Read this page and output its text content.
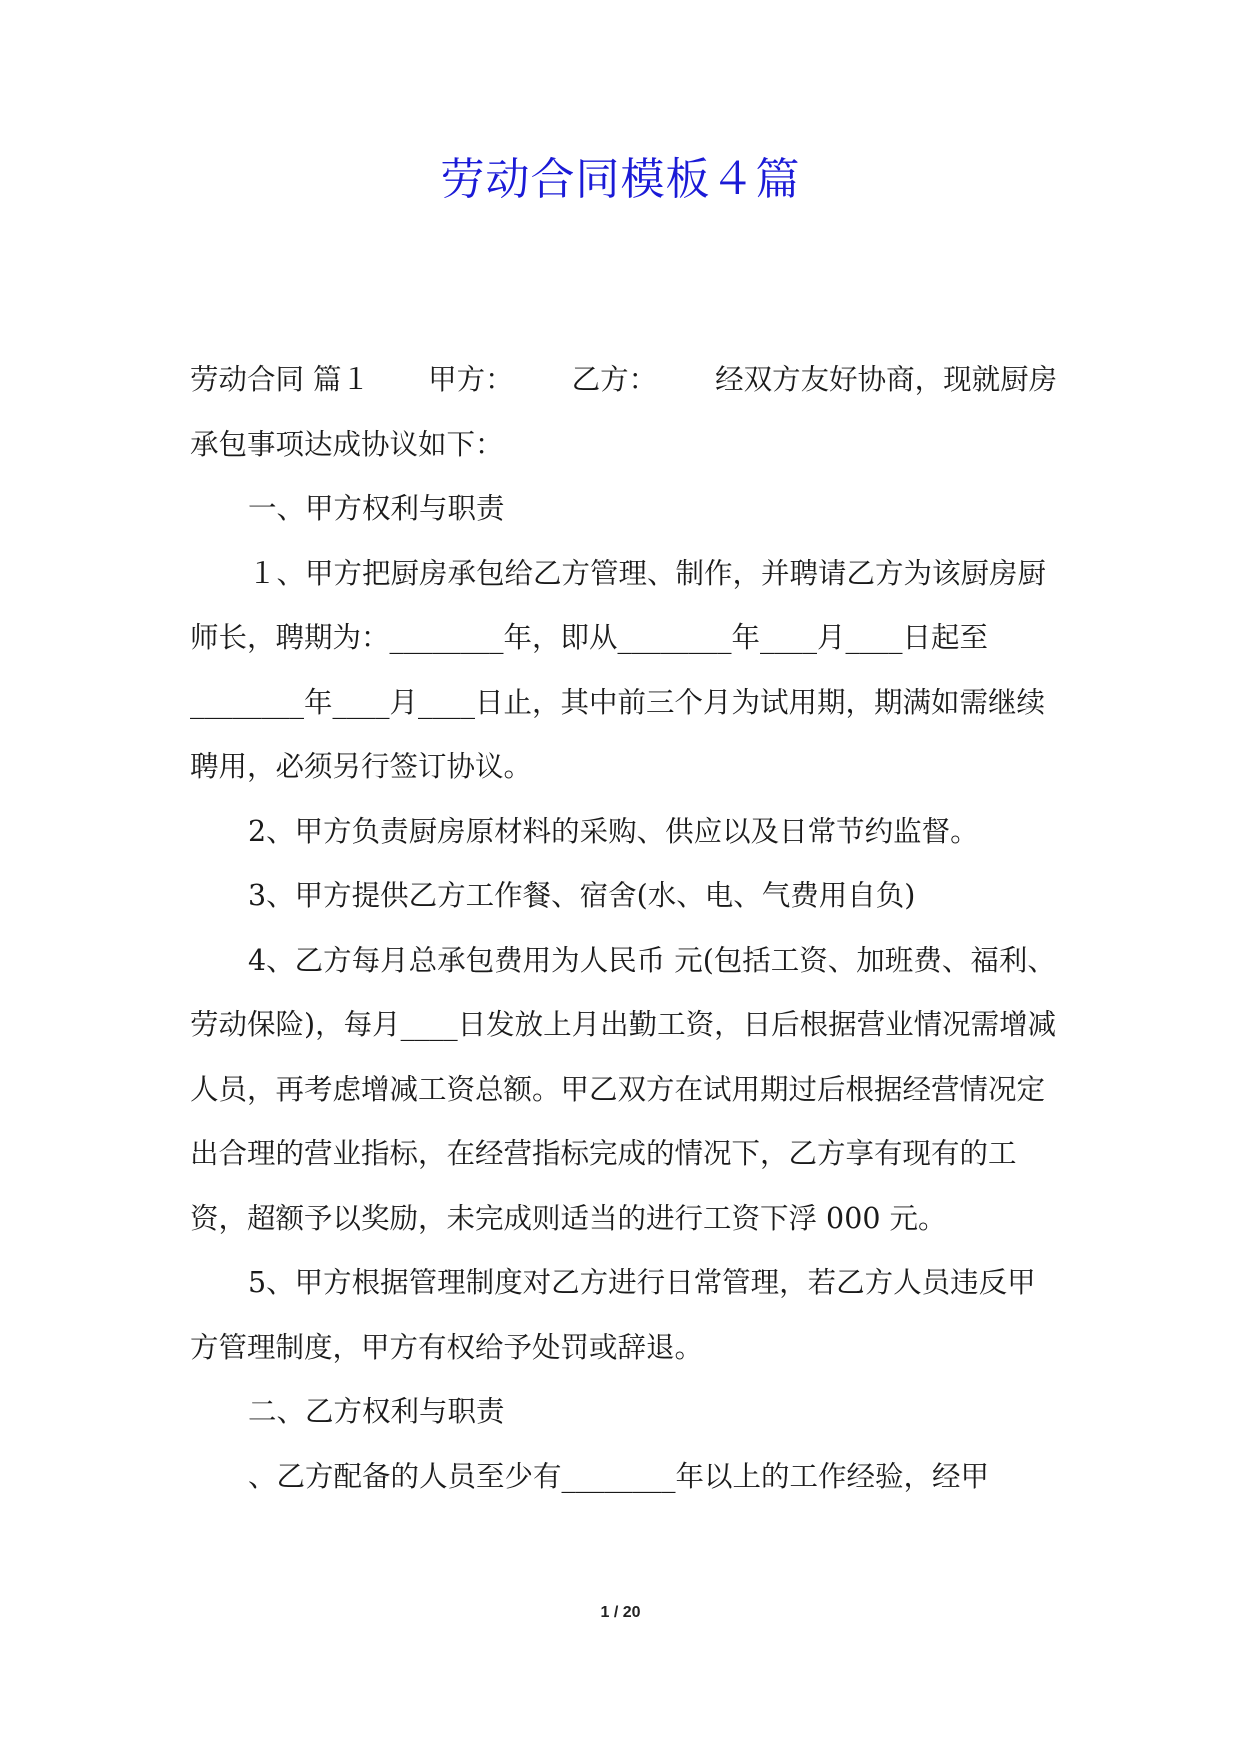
劳动合同模板４篇

劳动合同 篇１ 甲方： 乙方： 经双方友好协商，现就厨房承包事项达成协议如下：

一、甲方权利与职责

１、甲方把厨房承包给乙方管理、制作，并聘请乙方为该厨房厨师长，聘期为：________年，即从________年____月____日起至________年____月____日止，其中前三个月为试用期，期满如需继续聘用，必须另行签订协议。

2、甲方负责厨房原材料的采购、供应以及日常节约监督。

3、甲方提供乙方工作餐、宿舍(水、电、气费用自负)

4、乙方每月总承包费用为人民币 元(包括工资、加班费、福利、劳动保险)，每月____日发放上月出勤工资，日后根据营业情况需增减人员，再考虑增减工资总额。甲乙双方在试用期过后根据经营情况定出合理的营业指标，在经营指标完成的情况下，乙方享有现有的工资，超额予以奖励，未完成则适当的进行工资下浮 000 元。

5、甲方根据管理制度对乙方进行日常管理，若乙方人员违反甲方管理制度，甲方有权给予处罚或辞退。

二、乙方权利与职责

、乙方配备的人员至少有________年以上的工作经验，经甲

1 / 20
